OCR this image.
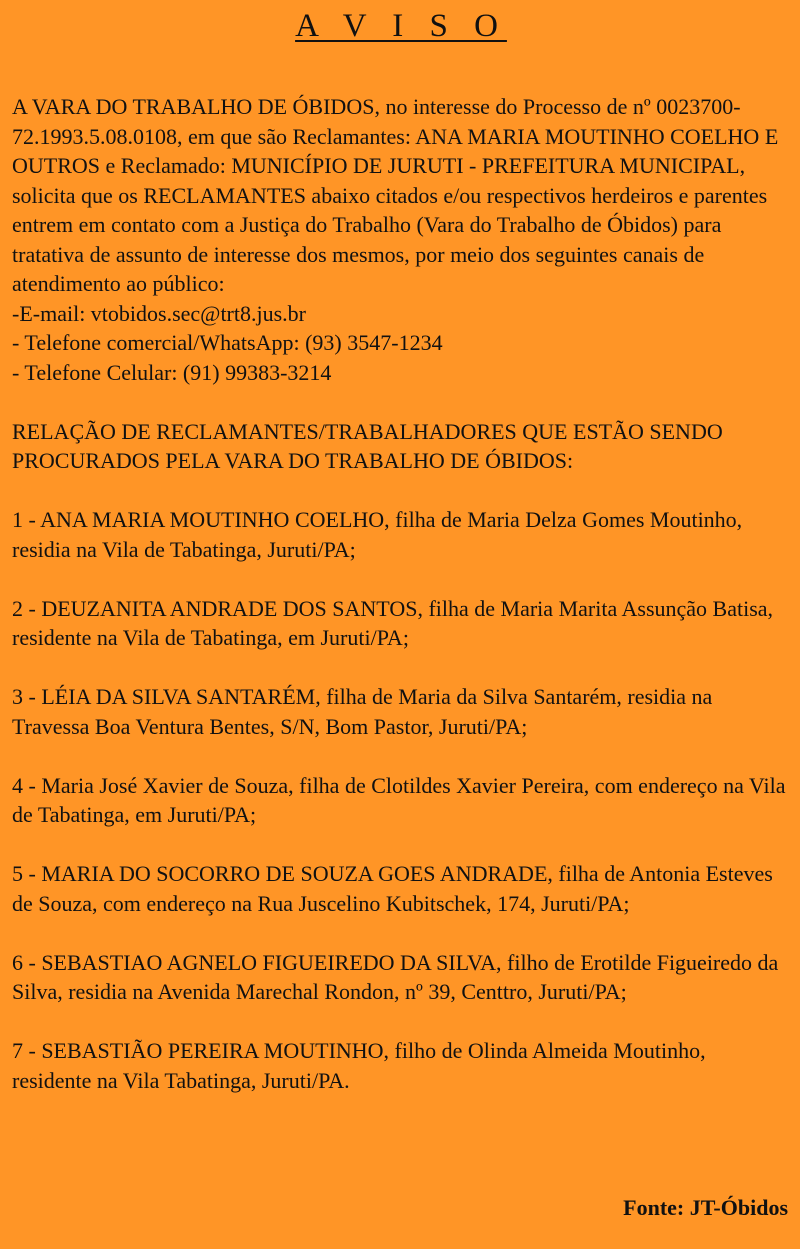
A V I S O

A VARA DO TRABALHO DE ÓBIDOS, no interesse do Processo de nº 0023700-72.1993.5.08.0108, em que são Reclamantes: ANA MARIA MOUTINHO COELHO E OUTROS e Reclamado: MUNICÍPIO DE JURUTI - PREFEITURA MUNICIPAL, solicita que os RECLAMANTES abaixo citados e/ou respectivos herdeiros e parentes entrem em contato com a Justiça do Trabalho (Vara do Trabalho de Óbidos) para tratativa de assunto de interesse dos mesmos, por meio dos seguintes canais de atendimento ao público:

-E-mail: vtobidos.sec@trt8.jus.br
- Telefone comercial/WhatsApp: (93) 3547-1234
- Telefone Celular: (91) 99383-3214

RELAÇÃO DE RECLAMANTES/TRABALHADORES QUE ESTÃO SENDO PROCURADOS PELA VARA DO TRABALHO DE ÓBIDOS:

1 - ANA MARIA MOUTINHO COELHO, filha de Maria Delza Gomes Moutinho, residia na Vila de Tabatinga, Juruti/PA;
2 - DEUZANITA ANDRADE DOS SANTOS, filha de Maria Marita Assunção Batisa, residente na Vila de Tabatinga, em Juruti/PA;
3 - LÉIA DA SILVA SANTARÉM, filha de Maria da Silva Santarém, residia na Travessa Boa Ventura Bentes, S/N, Bom Pastor, Juruti/PA;
4 - Maria José Xavier de Souza, filha de Clotildes Xavier Pereira, com endereço na Vila de Tabatinga, em Juruti/PA;
5 - MARIA DO SOCORRO DE SOUZA GOES ANDRADE, filha de Antonia Esteves de Souza, com endereço na Rua Juscelino Kubitschek, 174, Juruti/PA;
6 - SEBASTIAO AGNELO FIGUEIREDO DA SILVA, filho de Erotilde Figueiredo da Silva, residia na Avenida Marechal Rondon, nº 39, Centtro, Juruti/PA;
7 - SEBASTIÃO PEREIRA MOUTINHO, filho de Olinda Almeida Moutinho, residente na Vila Tabatinga, Juruti/PA.

Fonte: JT-Óbidos
